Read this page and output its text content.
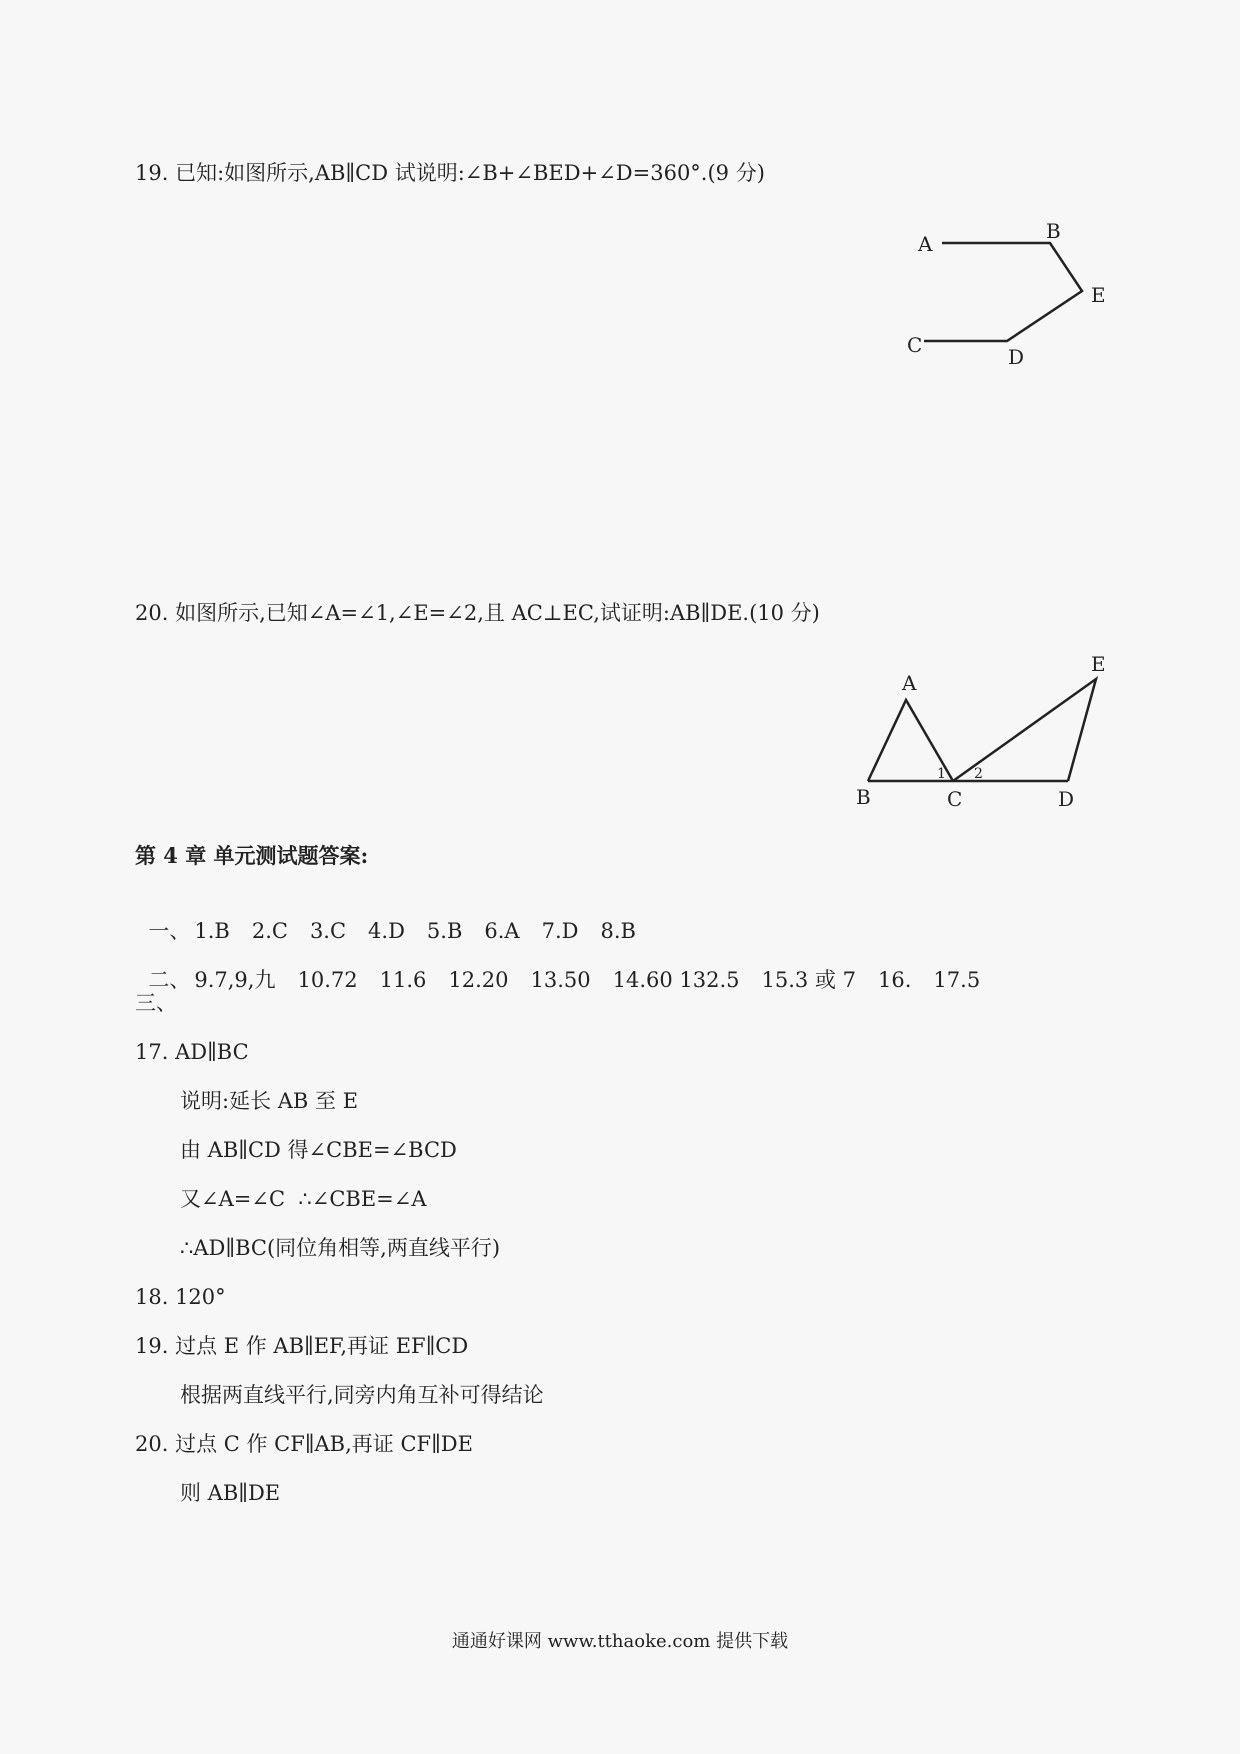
19. 已知:如图所示,AB∥CD 试说明:∠B+∠BED+∠D=360°.(9 分)
A
B
E
C	D
A
E
B	C	D
1 2
20. 如图所示,已知∠A=∠1,∠E=∠2,且 AC⊥EC,试证明:AB∥DE.(10 分)
第 4 章 单元测试题答案:

一、 1.B 2.C 3.C 4.D 5.B 6.A 7.D 8.B

二、 9.7,9,九 10.72 11.6 12.20 13.50 14.60 132.5 15.3 或 7 16. 17.5

三、
17. AD∥BC
说明:延长 AB 至 E
由 AB∥CD 得∠CBE=∠BCD
又∠A=∠C  ∴∠CBE=∠A
∴AD∥BC(同位角相等,两直线平行)
18. 120°
19. 过点 E 作 AB∥EF,再证 EF∥CD
根据两直线平行,同旁内角互补可得结论
20. 过点 C 作 CF∥AB,再证 CF∥DE
则 AB∥DE
通通好课网 www.tthaoke.com 提供下载
